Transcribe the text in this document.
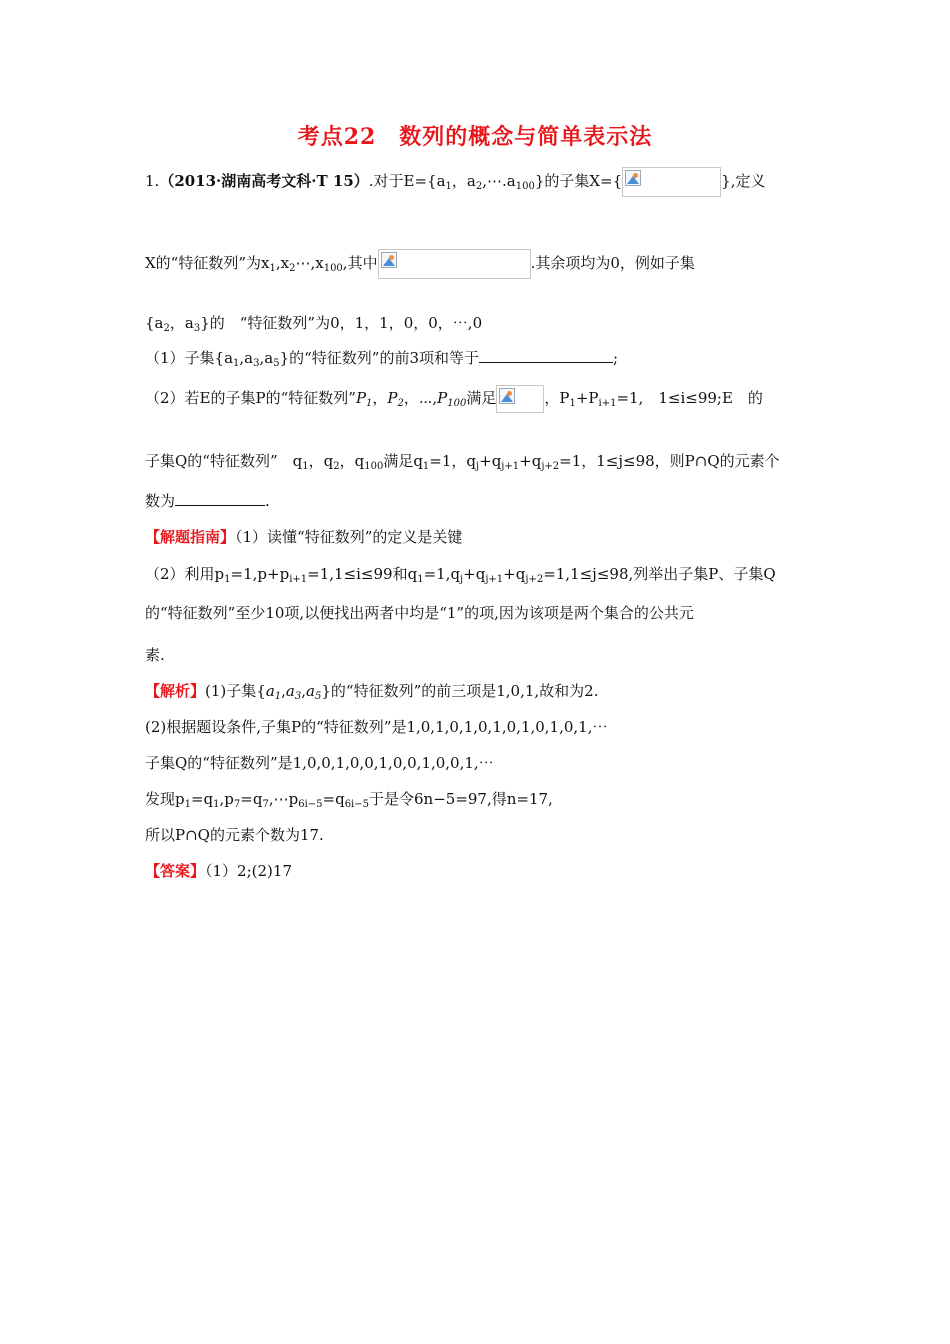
考点22　数列的概念与简单表示法
1.（2013·湖南高考文科·T 15）.对于$E=\{a_1$，$a_2,\cdots.a_{100}$}的子集X={	},定义
X的“特征数列”为$x_1,x_2\cdots,x_{100}$,其中	.其余项均为0，例如子集
{$a_2$，$a_3$}的　“特征数列”为0，1，1，0，0，⋯,0
（1）子集$\{a_1,a_3,a_5\}$的“特征数列”的前3项和等于	;
（2）若E的子集P的“特征数列$”P_1$，$P_2$，$\cdots,P_{100}$满足	，$P_1+P_{i+1}=1$,　1≤i≤99;E　的
子集Q的“特征数列”　$q_1$，$q_2$，$q_{100}$满足$q_1=1$，$q_j+q_{j+1}+q_{j+2}=1$，1≤j≤98，则P∩Q的元素个
数为	.
【解题指南】（1）读懂“特征数列”的定义是关键
（2）利用$p_1=1,p+p_{i+1}=1,1\le i\le 99$和$q_1=1,q_j+q_{j+1}+q_{j+2}=1,1\le j\le 98$,列举出子集P、子集Q
的“特征数列”至少10项,以便找出两者中均是“1”的项,因为该项是两个集合的公共元
素.
【解析】(1)子集$\{a_1,a_3,a_5\}$的“特征数列”的前三项是1,0,1,故和为2.
(2)根据题设条件,子集P的“特征数列”是1,0,1,0,1,0,1,0,1,0,1,0,1,⋯
子集Q的“特征数列”是1,0,0,1,0,0,1,0,0,1,0,0,1,⋯
发现$p_1=q_1,p_7=q_7,\cdots p_{6i-5}=q_{6i-5}$于是令6n−5=97,得n=17,
所以P∩Q的元素个数为17.
【答案】（1）2;(2)17
